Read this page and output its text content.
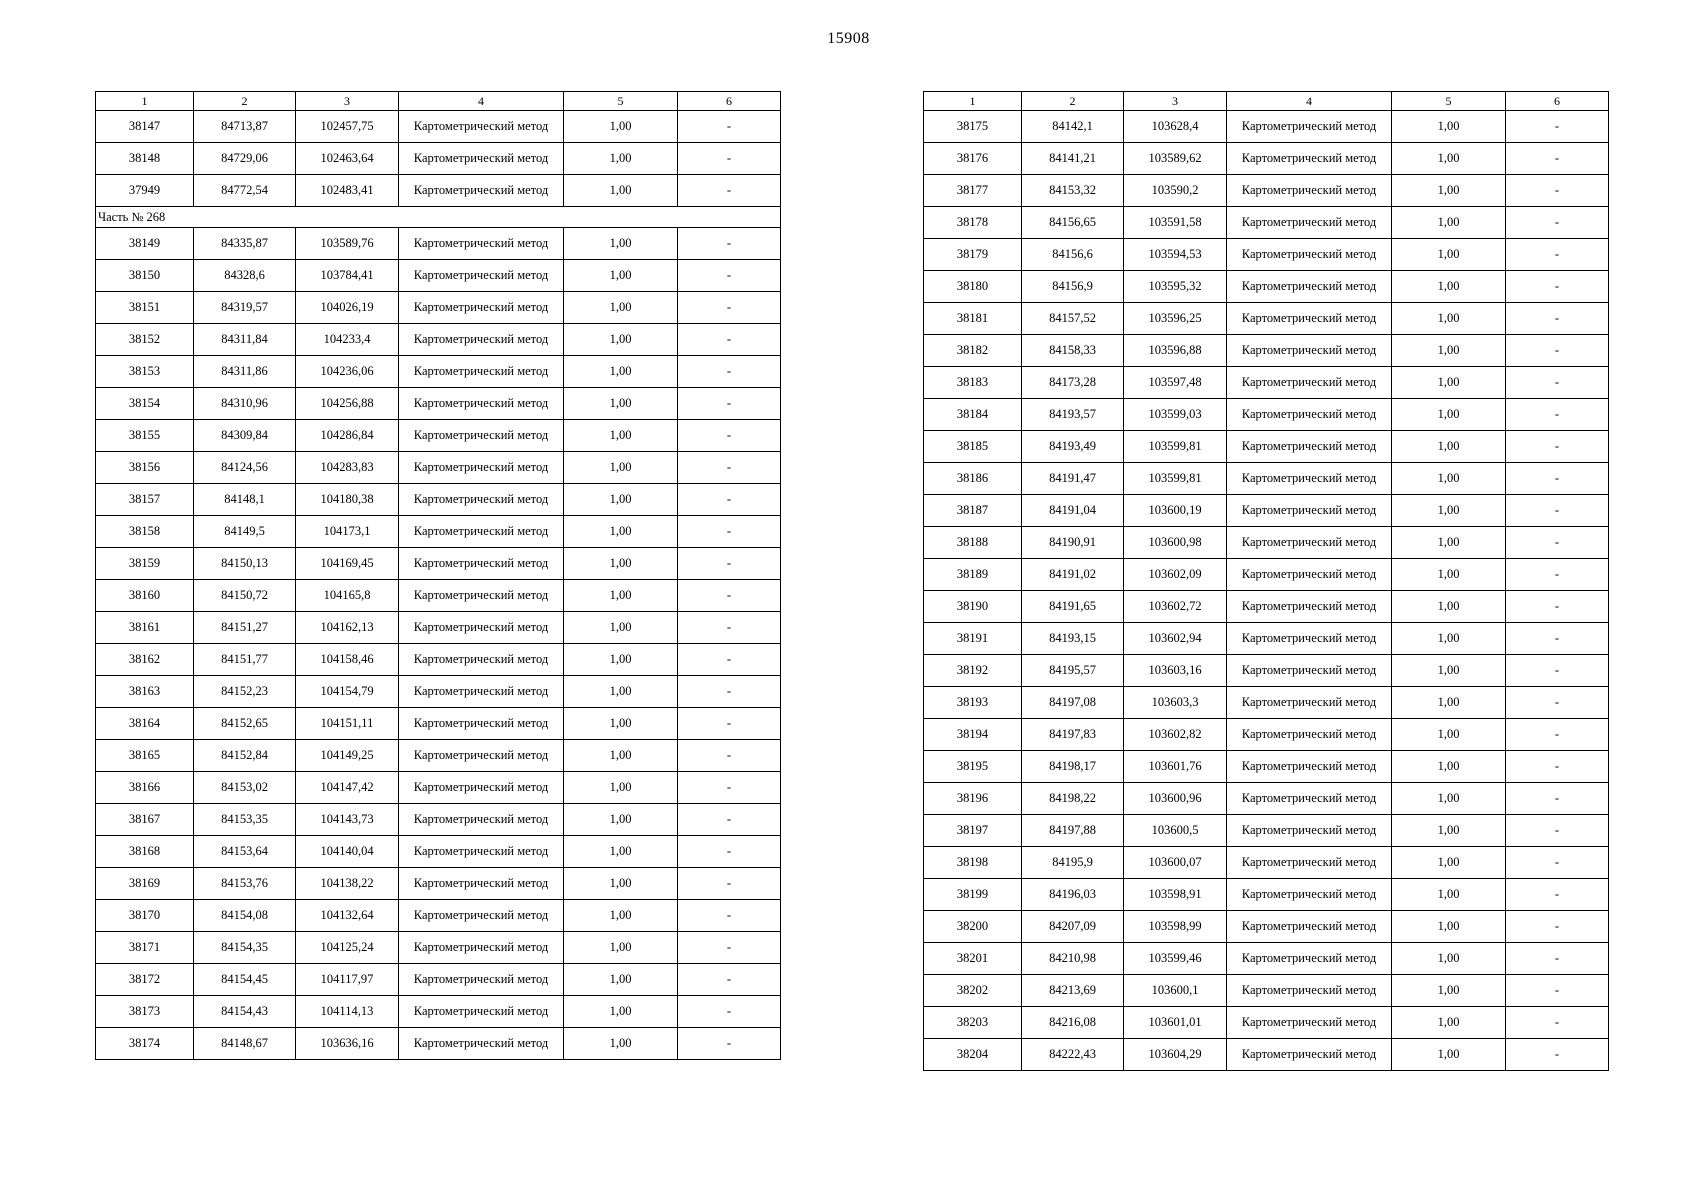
15908
1	2	3	4	5	6
38147	84713,87	102457,75	Картометрический метод	1,00	-
38148	84729,06	102463,64	Картометрический метод	1,00	-
37949	84772,54	102483,41	Картометрический метод	1,00	-
Часть № 268					
38149	84335,87	103589,76	Картометрический метод	1,00	-
38150	84328,6	103784,41	Картометрический метод	1,00	-
38151	84319,57	104026,19	Картометрический метод	1,00	-
38152	84311,84	104233,4	Картометрический метод	1,00	-
38153	84311,86	104236,06	Картометрический метод	1,00	-
38154	84310,96	104256,88	Картометрический метод	1,00	-
38155	84309,84	104286,84	Картометрический метод	1,00	-
38156	84124,56	104283,83	Картометрический метод	1,00	-
38157	84148,1	104180,38	Картометрический метод	1,00	-
38158	84149,5	104173,1	Картометрический метод	1,00	-
38159	84150,13	104169,45	Картометрический метод	1,00	-
38160	84150,72	104165,8	Картометрический метод	1,00	-
38161	84151,27	104162,13	Картометрический метод	1,00	-
38162	84151,77	104158,46	Картометрический метод	1,00	-
38163	84152,23	104154,79	Картометрический метод	1,00	-
38164	84152,65	104151,11	Картометрический метод	1,00	-
38165	84152,84	104149,25	Картометрический метод	1,00	-
38166	84153,02	104147,42	Картометрический метод	1,00	-
38167	84153,35	104143,73	Картометрический метод	1,00	-
38168	84153,64	104140,04	Картометрический метод	1,00	-
38169	84153,76	104138,22	Картометрический метод	1,00	-
38170	84154,08	104132,64	Картометрический метод	1,00	-
38171	84154,35	104125,24	Картометрический метод	1,00	-
38172	84154,45	104117,97	Картометрический метод	1,00	-
38173	84154,43	104114,13	Картометрический метод	1,00	-
38174	84148,67	103636,16	Картометрический метод	1,00	-
1	2	3	4	5	6
38175	84142,1	103628,4	Картометрический метод	1,00	-
38176	84141,21	103589,62	Картометрический метод	1,00	-
38177	84153,32	103590,2	Картометрический метод	1,00	-
38178	84156,65	103591,58	Картометрический метод	1,00	-
38179	84156,6	103594,53	Картометрический метод	1,00	-
38180	84156,9	103595,32	Картометрический метод	1,00	-
38181	84157,52	103596,25	Картометрический метод	1,00	-
38182	84158,33	103596,88	Картометрический метод	1,00	-
38183	84173,28	103597,48	Картометрический метод	1,00	-
38184	84193,57	103599,03	Картометрический метод	1,00	-
38185	84193,49	103599,81	Картометрический метод	1,00	-
38186	84191,47	103599,81	Картометрический метод	1,00	-
38187	84191,04	103600,19	Картометрический метод	1,00	-
38188	84190,91	103600,98	Картометрический метод	1,00	-
38189	84191,02	103602,09	Картометрический метод	1,00	-
38190	84191,65	103602,72	Картометрический метод	1,00	-
38191	84193,15	103602,94	Картометрический метод	1,00	-
38192	84195,57	103603,16	Картометрический метод	1,00	-
38193	84197,08	103603,3	Картометрический метод	1,00	-
38194	84197,83	103602,82	Картометрический метод	1,00	-
38195	84198,17	103601,76	Картометрический метод	1,00	-
38196	84198,22	103600,96	Картометрический метод	1,00	-
38197	84197,88	103600,5	Картометрический метод	1,00	-
38198	84195,9	103600,07	Картометрический метод	1,00	-
38199	84196,03	103598,91	Картометрический метод	1,00	-
38200	84207,09	103598,99	Картометрический метод	1,00	-
38201	84210,98	103599,46	Картометрический метод	1,00	-
38202	84213,69	103600,1	Картометрический метод	1,00	-
38203	84216,08	103601,01	Картометрический метод	1,00	-
38204	84222,43	103604,29	Картометрический метод	1,00	-
